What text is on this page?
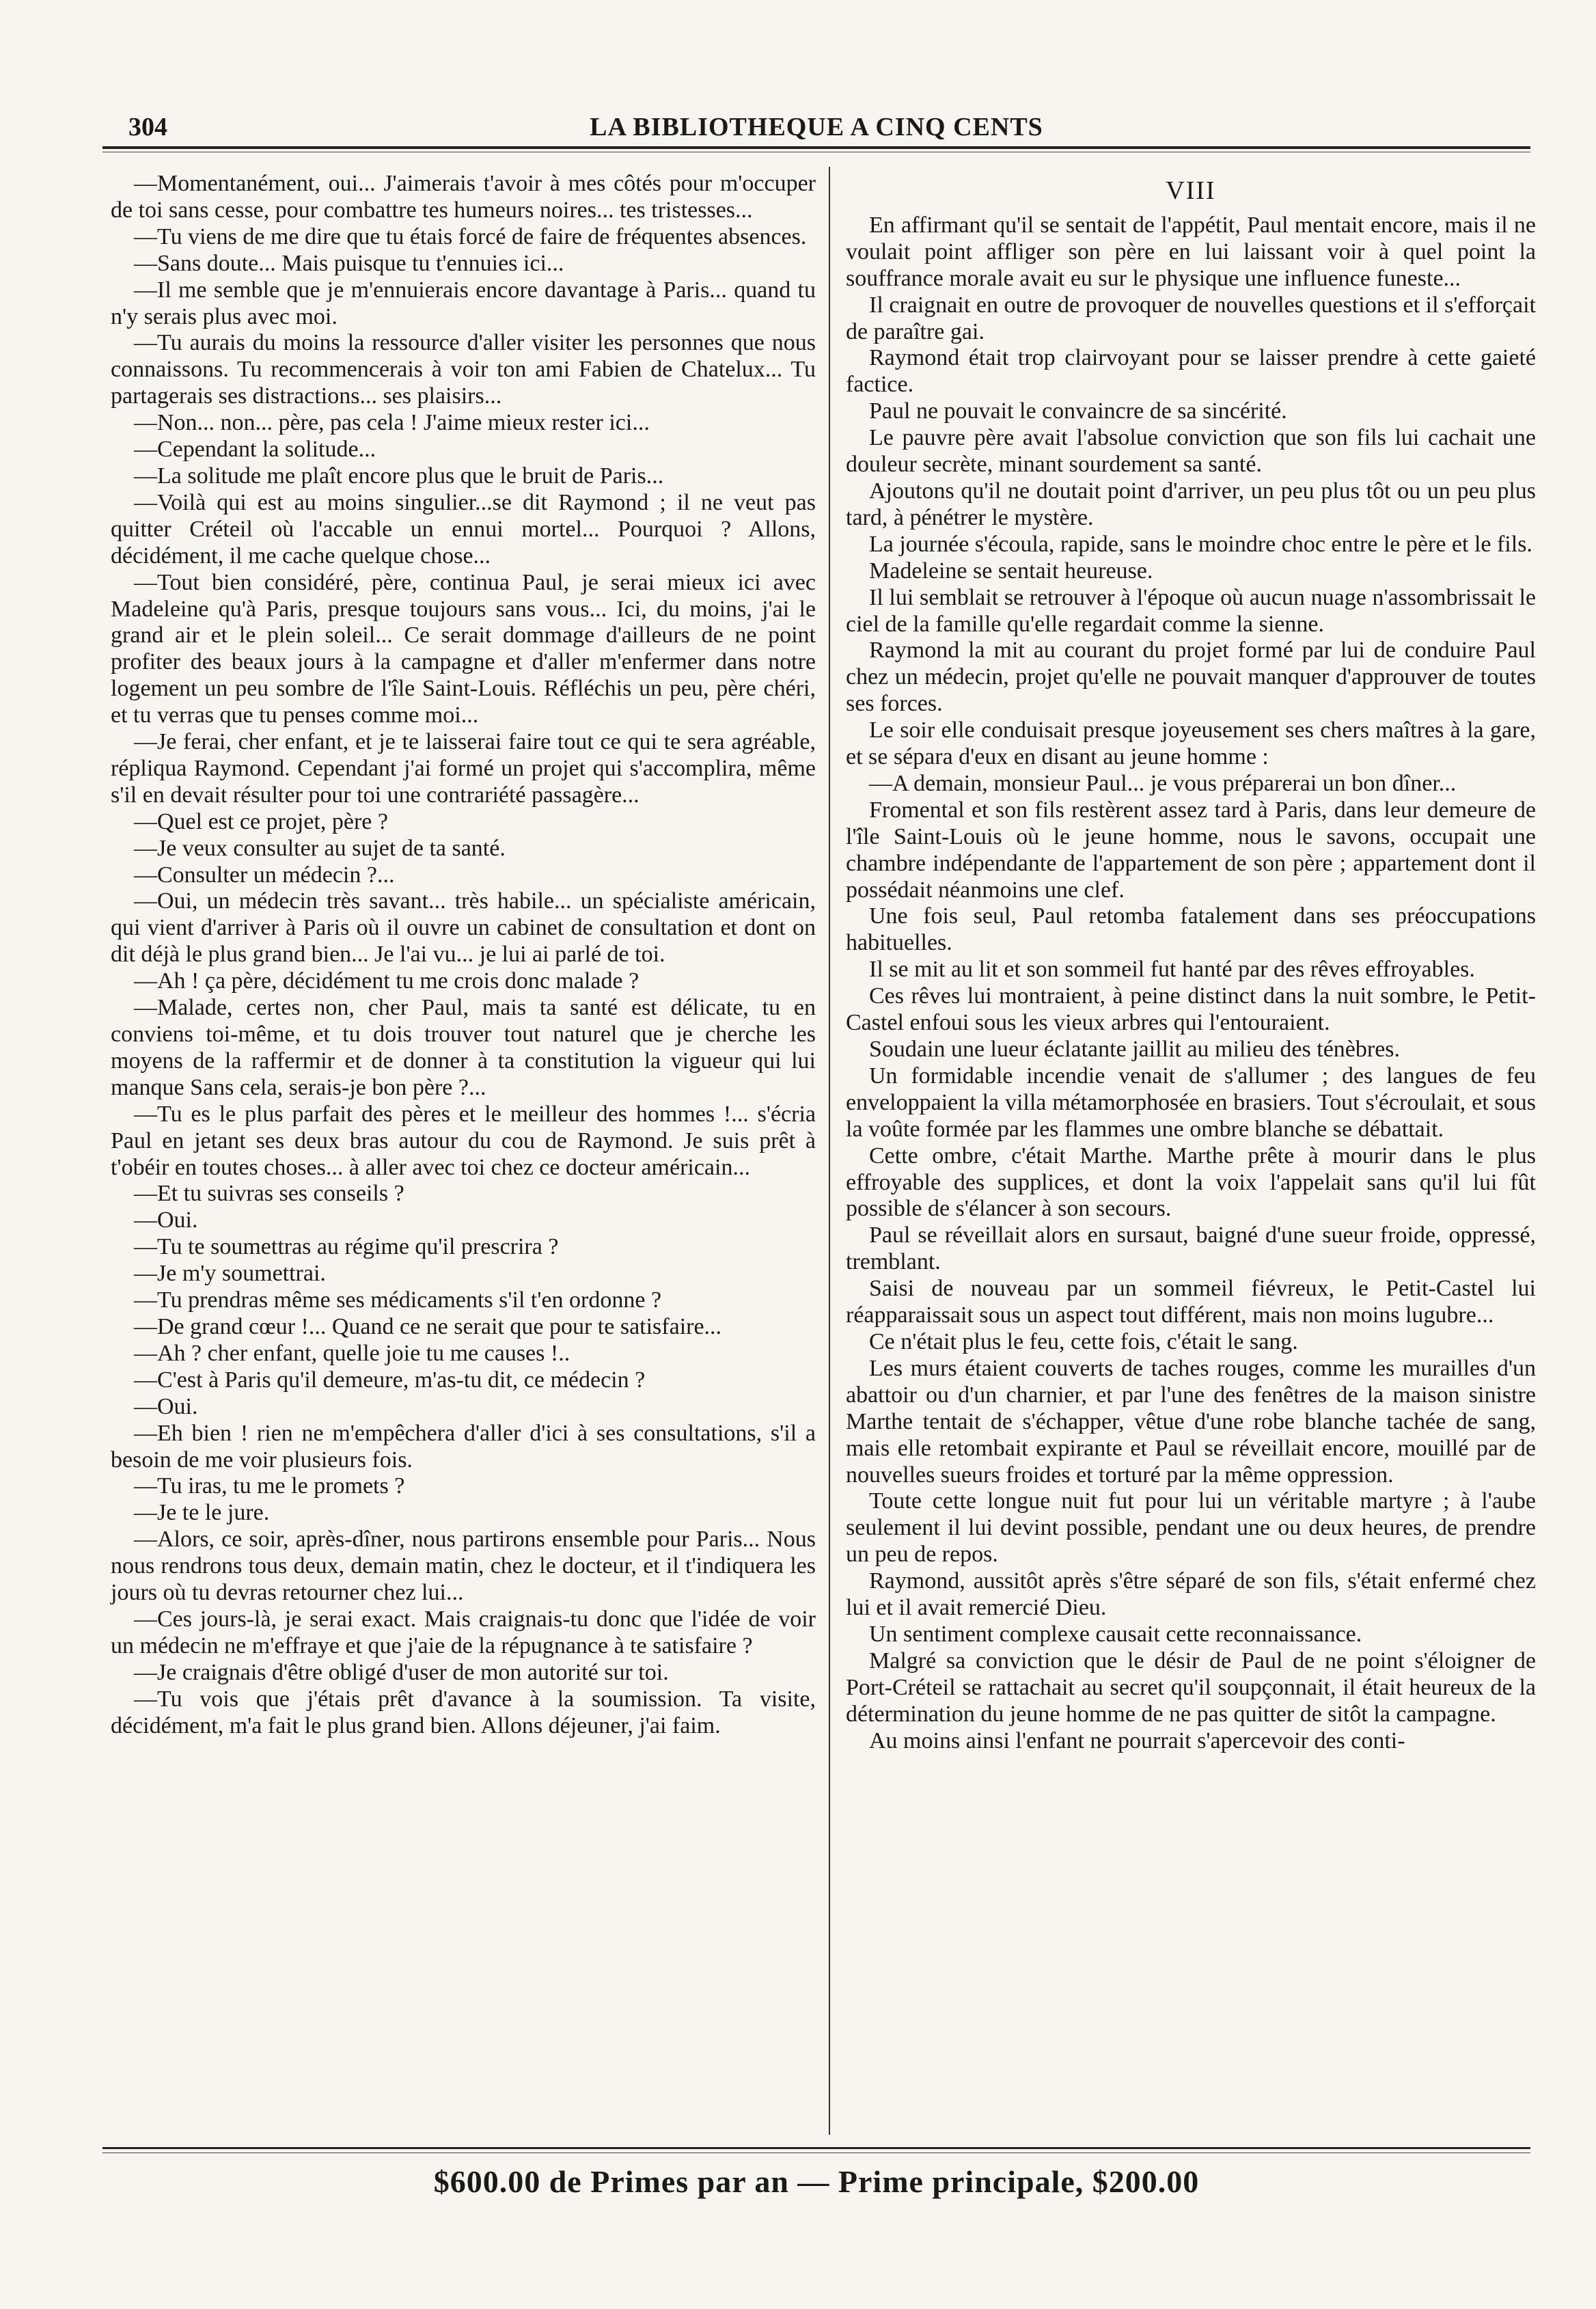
304	LA BIBLIOTHEQUE A CINQ CENTS

—Momentanément, oui... J'aimerais t'avoir à mes côtés pour m'occuper de toi sans cesse, pour combattre tes humeurs noires... tes tristesses...

—Tu viens de me dire que tu étais forcé de faire de fréquentes absences.

—Sans doute... Mais puisque tu t'ennuies ici...

—Il me semble que je m'ennuierais encore davantage à Paris... quand tu n'y serais plus avec moi.

—Tu aurais du moins la ressource d'aller visiter les personnes que nous connaissons. Tu recommencerais à voir ton ami Fabien de Chatelux... Tu partagerais ses distractions... ses plaisirs...

—Non... non... père, pas cela ! J'aime mieux rester ici...

—Cependant la solitude...

—La solitude me plaît encore plus que le bruit de Paris...

—Voilà qui est au moins singulier...se dit Raymond ; il ne veut pas quitter Créteil où l'accable un ennui mortel... Pourquoi ? Allons, décidément, il me cache quelque chose...

—Tout bien considéré, père, continua Paul, je serai mieux ici avec Madeleine qu'à Paris, presque toujours sans vous... Ici, du moins, j'ai le grand air et le plein soleil... Ce serait dommage d'ailleurs de ne point profiter des beaux jours à la campagne et d'aller m'enfermer dans notre logement un peu sombre de l'île Saint-Louis. Réfléchis un peu, père chéri, et tu verras que tu penses comme moi...

—Je ferai, cher enfant, et je te laisserai faire tout ce qui te sera agréable, répliqua Raymond. Cependant j'ai formé un projet qui s'accomplira, même s'il en devait résulter pour toi une contrariété passagère...

—Quel est ce projet, père ?

—Je veux consulter au sujet de ta santé.

—Consulter un médecin ?...

—Oui, un médecin très savant... très habile... un spécialiste américain, qui vient d'arriver à Paris où il ouvre un cabinet de consultation et dont on dit déjà le plus grand bien... Je l'ai vu... je lui ai parlé de toi.

—Ah ! ça père, décidément tu me crois donc malade ?

—Malade, certes non, cher Paul, mais ta santé est délicate, tu en conviens toi-même, et tu dois trouver tout naturel que je cherche les moyens de la raffermir et de donner à ta constitution la vigueur qui lui manque Sans cela, serais-je bon père ?...

—Tu es le plus parfait des pères et le meilleur des hommes !... s'écria Paul en jetant ses deux bras autour du cou de Raymond. Je suis prêt à t'obéir en toutes choses... à aller avec toi chez ce docteur américain...

—Et tu suivras ses conseils ?

—Oui.

—Tu te soumettras au régime qu'il prescrira ?

—Je m'y soumettrai.

—Tu prendras même ses médicaments s'il t'en ordonne ?

—De grand cœur !... Quand ce ne serait que pour te satisfaire...

—Ah ? cher enfant, quelle joie tu me causes !..

—C'est à Paris qu'il demeure, m'as-tu dit, ce médecin ?

—Oui.

—Eh bien ! rien ne m'empêchera d'aller d'ici à ses consultations, s'il a besoin de me voir plusieurs fois.

—Tu iras, tu me le promets ?

—Je te le jure.

—Alors, ce soir, après-dîner, nous partirons ensemble pour Paris... Nous nous rendrons tous deux, demain matin, chez le docteur, et il t'indiquera les jours où tu devras retourner chez lui...

—Ces jours-là, je serai exact. Mais craignais-tu donc que l'idée de voir un médecin ne m'effraye et que j'aie de la répugnance à te satisfaire ?

—Je craignais d'être obligé d'user de mon autorité sur toi.

—Tu vois que j'étais prêt d'avance à la soumission. Ta visite, décidément, m'a fait le plus grand bien. Allons déjeuner, j'ai faim.

VIII

En affirmant qu'il se sentait de l'appétit, Paul mentait encore, mais il ne voulait point affliger son père en lui laissant voir à quel point la souffrance morale avait eu sur le physique une influence funeste...

Il craignait en outre de provoquer de nouvelles questions et il s'efforçait de paraître gai.

Raymond était trop clairvoyant pour se laisser prendre à cette gaieté factice.

Paul ne pouvait le convaincre de sa sincérité.

Le pauvre père avait l'absolue conviction que son fils lui cachait une douleur secrète, minant sourdement sa santé.

Ajoutons qu'il ne doutait point d'arriver, un peu plus tôt ou un peu plus tard, à pénétrer le mystère.

La journée s'écoula, rapide, sans le moindre choc entre le père et le fils.

Madeleine se sentait heureuse.

Il lui semblait se retrouver à l'époque où aucun nuage n'assombrissait le ciel de la famille qu'elle regardait comme la sienne.

Raymond la mit au courant du projet formé par lui de conduire Paul chez un médecin, projet qu'elle ne pouvait manquer d'approuver de toutes ses forces.

Le soir elle conduisait presque joyeusement ses chers maîtres à la gare, et se sépara d'eux en disant au jeune homme :

—A demain, monsieur Paul... je vous préparerai un bon dîner...

Fromental et son fils restèrent assez tard à Paris, dans leur demeure de l'île Saint-Louis où le jeune homme, nous le savons, occupait une chambre indépendante de l'appartement de son père ; appartement dont il possédait néanmoins une clef.

Une fois seul, Paul retomba fatalement dans ses préoccupations habituelles.

Il se mit au lit et son sommeil fut hanté par des rêves effroyables.

Ces rêves lui montraient, à peine distinct dans la nuit sombre, le Petit-Castel enfoui sous les vieux arbres qui l'entouraient.

Soudain une lueur éclatante jaillit au milieu des ténèbres.

Un formidable incendie venait de s'allumer ; des langues de feu enveloppaient la villa métamorphosée en brasiers. Tout s'écroulait, et sous la voûte formée par les flammes une ombre blanche se débattait.

Cette ombre, c'était Marthe. Marthe prête à mourir dans le plus effroyable des supplices, et dont la voix l'appelait sans qu'il lui fût possible de s'élancer à son secours.

Paul se réveillait alors en sursaut, baigné d'une sueur froide, oppressé, tremblant.

Saisi de nouveau par un sommeil fiévreux, le Petit-Castel lui réapparaissait sous un aspect tout différent, mais non moins lugubre...

Ce n'était plus le feu, cette fois, c'était le sang.

Les murs étaient couverts de taches rouges, comme les murailles d'un abattoir ou d'un charnier, et par l'une des fenêtres de la maison sinistre Marthe tentait de s'échapper, vêtue d'une robe blanche tachée de sang, mais elle retombait expirante et Paul se réveillait encore, mouillé par de nouvelles sueurs froides et torturé par la même oppression.

Toute cette longue nuit fut pour lui un véritable martyre ; à l'aube seulement il lui devint possible, pendant une ou deux heures, de prendre un peu de repos.

Raymond, aussitôt après s'être séparé de son fils, s'était enfermé chez lui et il avait remercié Dieu.

Un sentiment complexe causait cette reconnaissance.

Malgré sa conviction que le désir de Paul de ne point s'éloigner de Port-Créteil se rattachait au secret qu'il soupçonnait, il était heureux de la détermination du jeune homme de ne pas quitter de sitôt la campagne.

Au moins ainsi l'enfant ne pourrait s'apercevoir des conti-

$600.00 de Primes par an — Prime principale, $200.00
